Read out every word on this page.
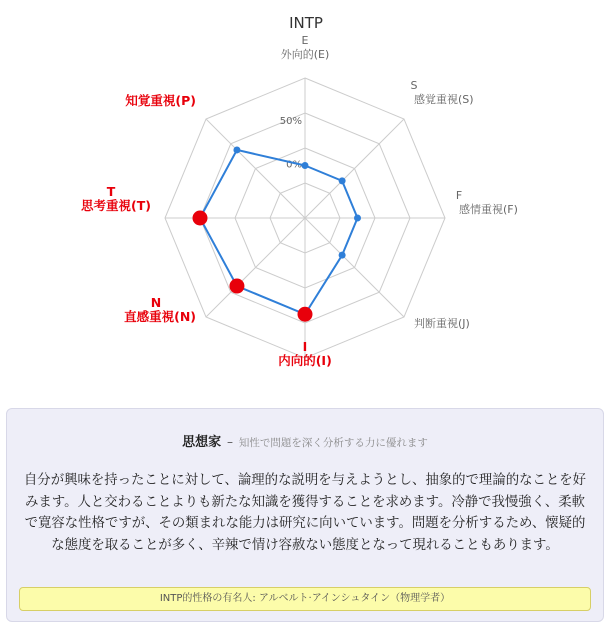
INTP
0%
50%
E
外向的(E)
S
感覚重視(S)
F
感情重視(F)
判断重視(J)
I
内向的(I)
N
直感重視(N)
T
思考重視(T)
知覚重視(P)
思想家 – 知性で問題を深く分析する力に優れます
自分が興味を持ったことに対して、論理的な説明を与えようとし、抽象的で理論的なことを好みます。人と交わることよりも新たな知識を獲得することを求めます。冷静で我慢強く、柔軟で寛容な性格ですが、その類まれな能力は研究に向いています。問題を分析するため、懐疑的な態度を取ることが多く、辛辣で情け容赦ない態度となって現れることもあります。
INTP的性格の有名人: アルベルト·アインシュタイン（物理学者）
